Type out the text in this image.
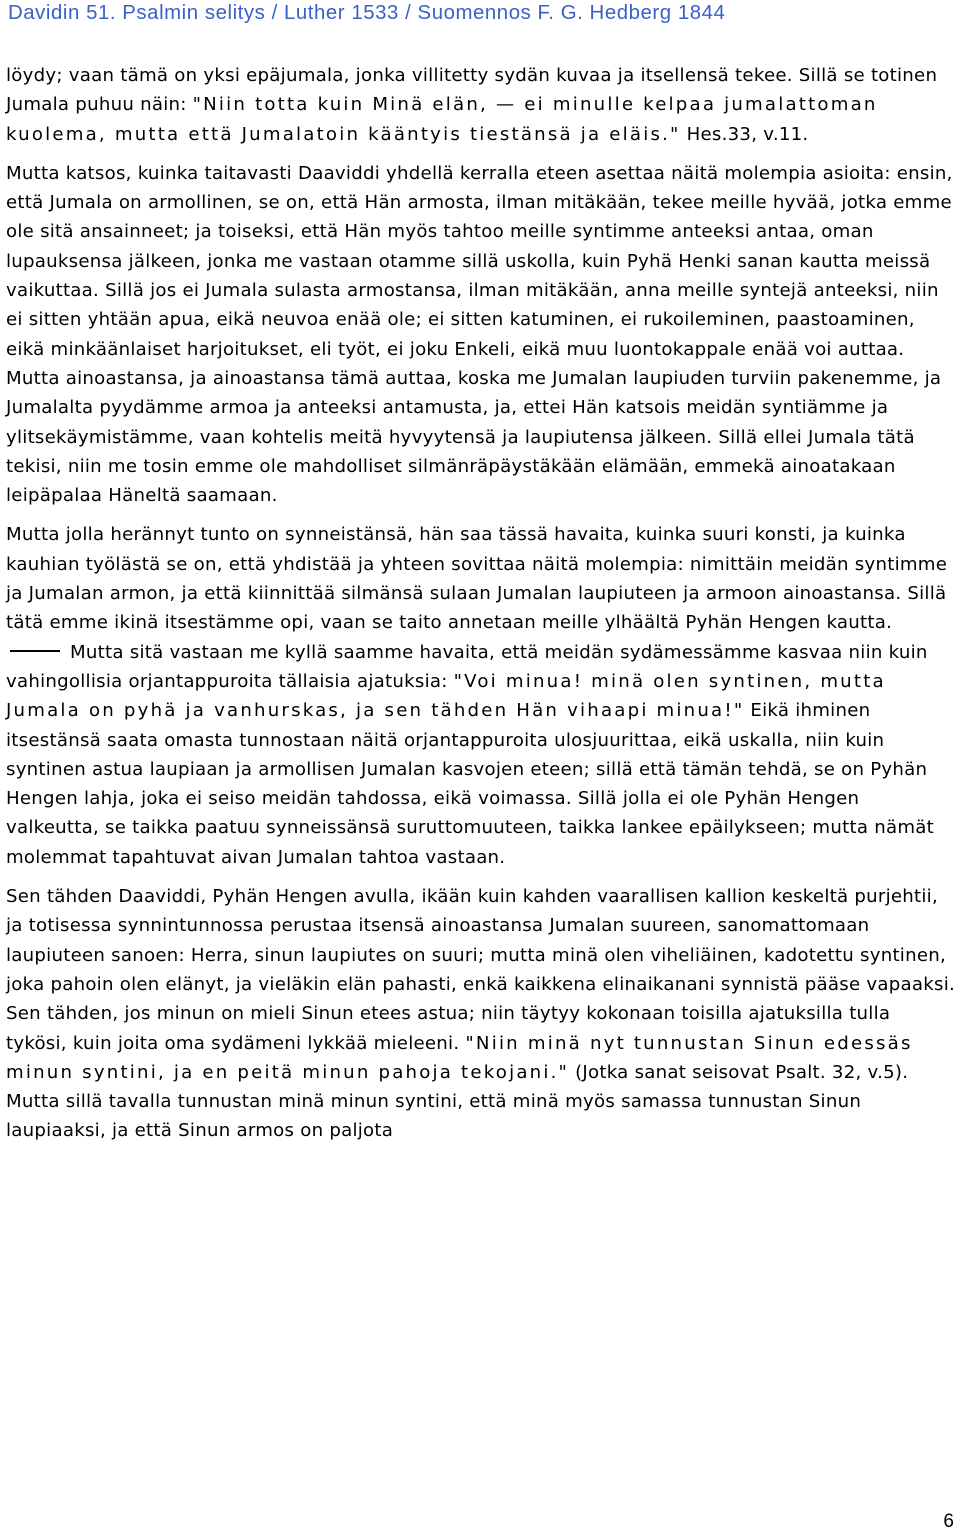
Davidin 51. Psalmin selitys / Luther 1533 / Suomennos F. G. Hedberg 1844

löydy; vaan tämä on yksi epäjumala, jonka villitetty sydän kuvaa ja itsellensä tekee. Sillä se totinen Jumala puhuu näin: "Niin totta kuin Minä elän, — ei minulle kelpaa jumalattoman kuolema, mutta että Jumalatoin kääntyis tiestänsä ja eläis." Hes.33, v.11.

Mutta katsos, kuinka taitavasti Daaviddi yhdellä kerralla eteen asettaa näitä molempia asioita: ensin, että Jumala on armollinen, se on, että Hän armosta, ilman mitäkään, tekee meille hyvää, jotka emme ole sitä ansainneet; ja toiseksi, että Hän myös tahtoo meille syntimme anteeksi antaa, oman lupauksensa jälkeen, jonka me vastaan otamme sillä uskolla, kuin Pyhä Henki sanan kautta meissä vaikuttaa. Sillä jos ei Jumala sulasta armostansa, ilman mitäkään, anna meille syntejä anteeksi, niin ei sitten yhtään apua, eikä neuvoa enää ole; ei sitten katuminen, ei rukoileminen, paastoaminen, eikä minkäänlaiset harjoitukset, eli työt, ei joku Enkeli, eikä muu luontokappale enää voi auttaa. Mutta ainoastansa, ja ainoastansa tämä auttaa, koska me Jumalan laupiuden turviin pakenemme, ja Jumalalta pyydämme armoa ja anteeksi antamusta, ja, ettei Hän katsois meidän syntiämme ja ylitsekäymistämme, vaan kohtelis meitä hyvyytensä ja laupiutensa jälkeen. Sillä ellei Jumala tätä tekisi, niin me tosin emme ole mahdolliset silmänräpäystäkään elämään, emmekä ainoatakaan leipäpalaa Häneltä saamaan.

Mutta jolla herännyt tunto on synneistänsä, hän saa tässä havaita, kuinka suuri konsti, ja kuinka kauhian työlästä se on, että yhdistää ja yhteen sovittaa näitä molempia: nimittäin meidän syntimme ja Jumalan armon, ja että kiinnittää silmänsä sulaan Jumalan laupiuteen ja armoon ainoastansa. Sillä tätä emme ikinä itsestämme opi, vaan se taito annetaan meille ylhäältä Pyhän Hengen kautta.  Mutta sitä vastaan me kyllä saamme havaita, että meidän sydämessämme kasvaa niin kuin vahingollisia orjantappuroita tällaisia ajatuksia: "Voi minua! minä olen syntinen, mutta Jumala on pyhä ja vanhurskas, ja sen tähden Hän vihaapi minua!" Eikä ihminen itsestänsä saata omasta tunnostaan näitä orjantappuroita ulosjuurittaa, eikä uskalla, niin kuin syntinen astua laupiaan ja armollisen Jumalan kasvojen eteen; sillä että tämän tehdä, se on Pyhän Hengen lahja, joka ei seiso meidän tahdossa, eikä voimassa. Sillä jolla ei ole Pyhän Hengen valkeutta, se taikka paatuu synneissänsä suruttomuuteen, taikka lankee epäilykseen; mutta nämät molemmat tapahtuvat aivan Jumalan tahtoa vastaan.

Sen tähden Daaviddi, Pyhän Hengen avulla, ikään kuin kahden vaarallisen kallion keskeltä purjehtii, ja totisessa synnintunnossa perustaa itsensä ainoastansa Jumalan suureen, sanomattomaan laupiuteen sanoen: Herra, sinun laupiutes on suuri; mutta minä olen viheliäinen, kadotettu syntinen, joka pahoin olen elänyt, ja vieläkin elän pahasti, enkä kaikkena elinaikanani synnistä pääse vapaaksi. Sen tähden, jos minun on mieli Sinun etees astua; niin täytyy kokonaan toisilla ajatuksilla tulla tykösi, kuin joita oma sydämeni lykkää mieleeni. "Niin minä nyt tunnustan Sinun edessäs minun syntini, ja en peitä minun pahoja tekojani." (Jotka sanat seisovat Psalt. 32, v.5). Mutta sillä tavalla tunnustan minä minun syntini, että minä myös samassa tunnustan Sinun laupiaaksi, ja että Sinun armos on paljota

6
